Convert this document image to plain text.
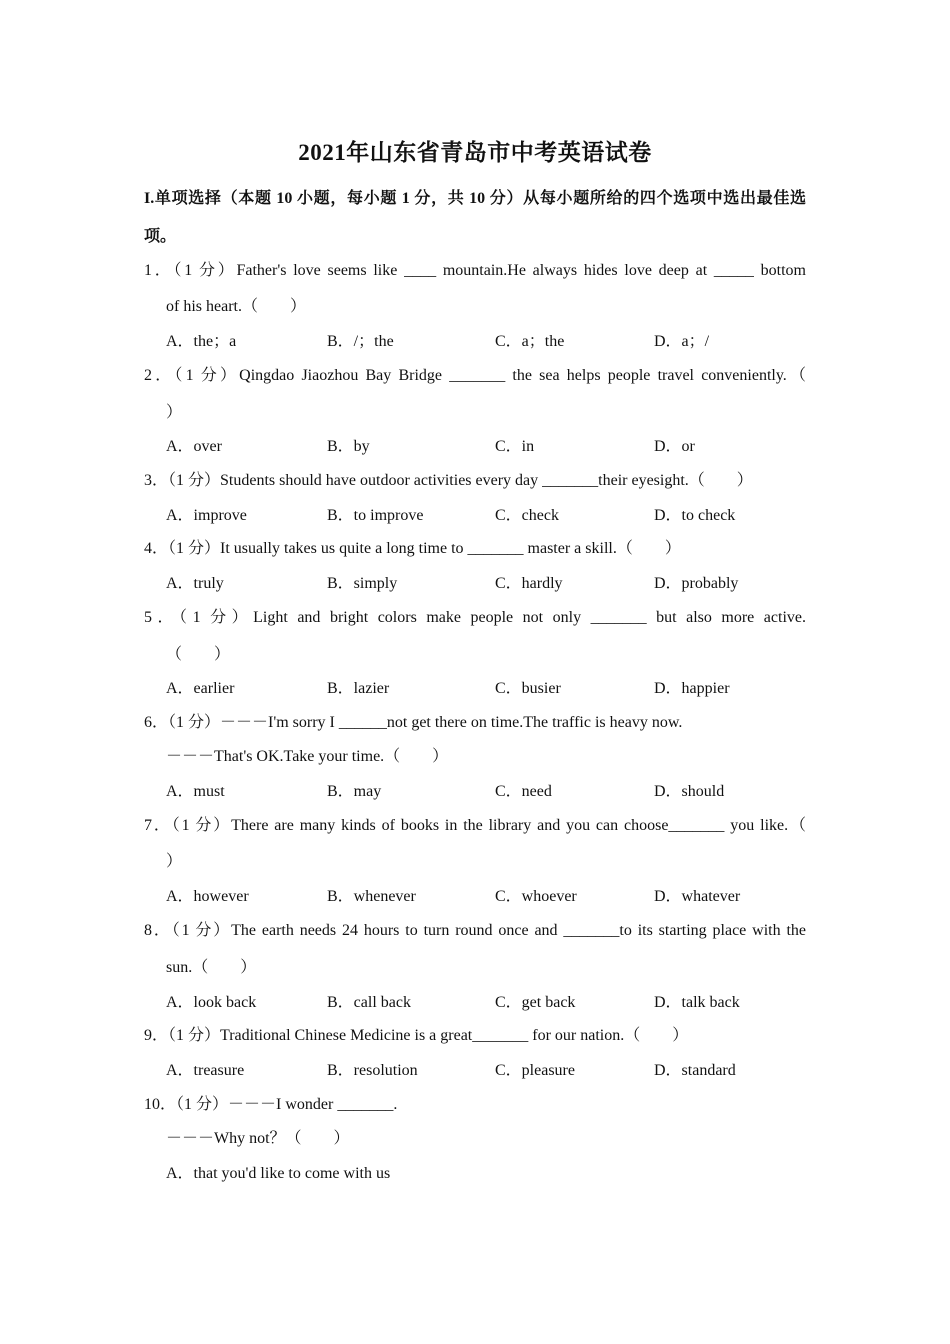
2021年山东省青岛市中考英语试卷
I.单项选择（本题 10 小题，每小题 1 分，共 10 分）从每小题所给的四个选项中选出最佳选项。
1．（1 分）Father's love seems like ____ mountain.He always hides love deep at _____ bottom
of his heart.（　　）
A．the；a	B．/；the	C．a；the	D．a；/
2．（1 分）Qingdao Jiaozhou Bay Bridge _______ the sea helps people travel conveniently.（
）
A．over	B．by	C．in	D．or
3．（1 分）Students should have outdoor activities every day _______their eyesight.（　　）
A．improve	B．to improve	C．check	D．to check
4．（1 分）It usually takes us quite a long time to _______ master a skill.（　　）
A．truly	B．simply	C．hardly	D．probably
5．（1 分）Light and bright colors make people not only _______ but also more active.
（　　）
A．earlier	B．lazier	C．busier	D．happier
6．（1 分）－－－I'm sorry I ______not get there on time.The traffic is heavy now.
－－－That's OK.Take your time.（　　）
A．must	B．may	C．need	D．should
7．（1 分）There are many kinds of books in the library and you can choose_______ you like.（
）
A．however	B．whenever	C．whoever	D．whatever
8．（1 分）The earth needs 24 hours to turn round once and _______to its starting place with the
sun.（　　）
A．look back	B．call back	C．get back	D．talk back
9．（1 分）Traditional Chinese Medicine is a great_______ for our nation.（　　）
A．treasure	B．resolution	C．pleasure	D．standard
10．（1 分）－－－I wonder _______.
－－－Why not？（　　）
A．that you'd like to come with us
